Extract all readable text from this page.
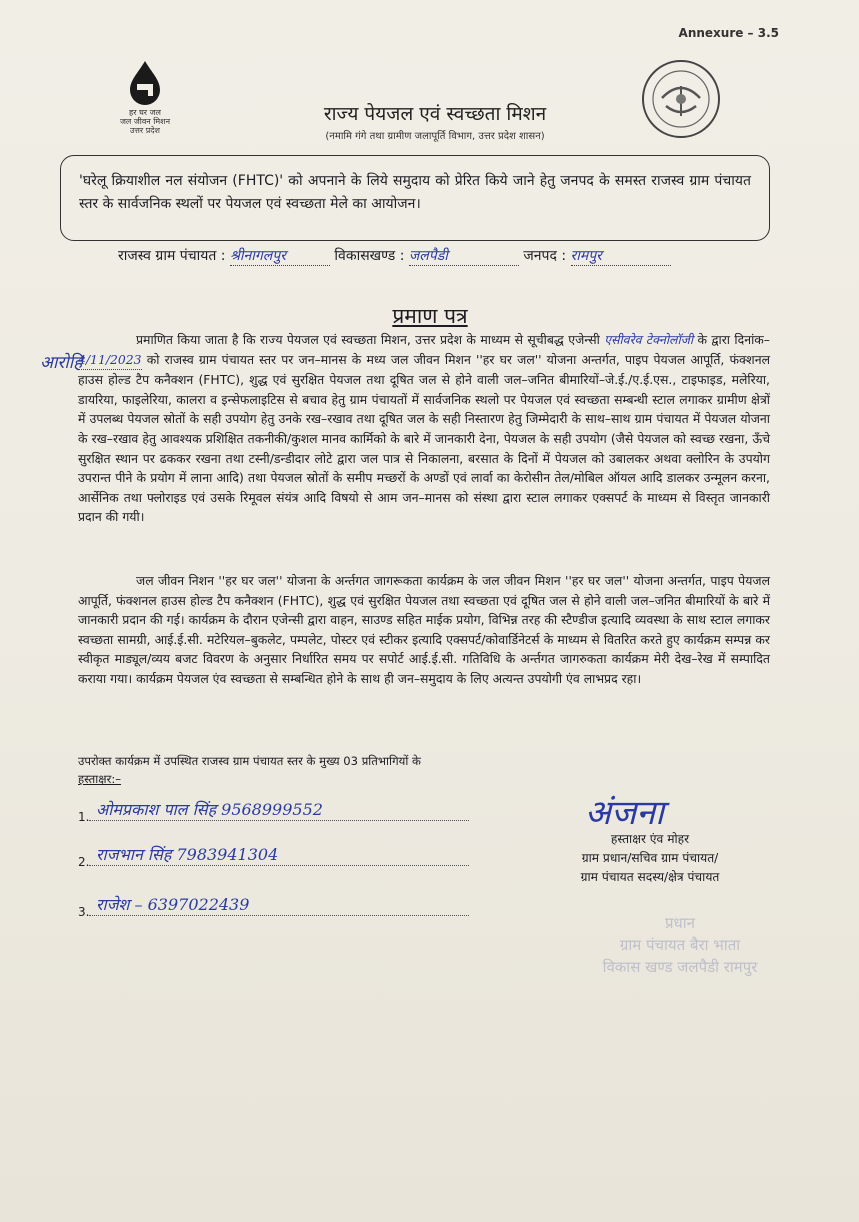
Annexure – 3.5
हर घर जल
जल जीवन मिशन
उत्तर प्रदेश
राज्य पेयजल एवं स्वच्छता मिशन
(नमामि गंगे तथा ग्रामीण जलापूर्ति विभाग, उत्तर प्रदेश शासन)
'घरेलू क्रियाशील नल संयोजन (FHTC)' को अपनाने के लिये समुदाय को प्रेरित किये जाने हेतु जनपद के समस्त राजस्व ग्राम पंचायत स्तर के सार्वजनिक स्थलों पर पेयजल एवं स्वच्छता मेले का आयोजन।
राजस्व ग्राम पंचायत : श्रीनागलपुर	विकासखण्ड : जलपैडी	जनपद : रामपुर
प्रमाण पत्र
आरोहि
प्रमाणित किया जाता है कि राज्य पेयजल एवं स्वच्छता मिशन, उत्तर प्रदेश के माध्यम से सूचीबद्ध एजेन्सी एसीवरेव टेक्नोलॉजी के द्वारा दिनांक–4/11/2023 को राजस्व ग्राम पंचायत स्तर पर जन–मानस के मध्य जल जीवन मिशन ''हर घर जल'' योजना अन्तर्गत, पाइप पेयजल आपूर्ति, फंक्शनल हाउस होल्ड टैप कनैक्शन (FHTC), शुद्ध एवं सुरक्षित पेयजल तथा दूषित जल से होने वाली जल–जनित बीमारियों–जे.ई./ए.ई.एस., टाइफाइड, मलेरिया, डायरिया, फाइलेरिया, कालरा व इन्सेफलाइटिस से बचाव हेतु ग्राम पंचायतों में सार्वजनिक स्थलो पर पेयजल एवं स्वच्छता सम्बन्धी स्टाल लगाकर ग्रामीण क्षेत्रों में उपलब्ध पेयजल स्रोतों के सही उपयोग हेतु उनके रख–रखाव तथा दूषित जल के सही निस्तारण हेतु जिम्मेदारी के साथ–साथ ग्राम पंचायत में पेयजल योजना के रख–रखाव हेतु आवश्यक प्रशिक्षित तकनीकी/कुशल मानव कार्मिको के बारे में जानकारी देना, पेयजल के सही उपयोग (जैसे पेयजल को स्वच्छ रखना, ऊँचे सुरक्षित स्थान पर ढककर रखना तथा टस्नी/डन्डीदार लोटे द्वारा जल पात्र से निकालना, बरसात के दिनों में पेयजल को उबालकर अथवा क्लोरिन के उपयोग उपरान्त पीने के प्रयोग में लाना आदि) तथा पेयजल स्रोतों के समीप मच्छरों के अण्डों एवं लार्वा का केरोसीन तेल/मोबिल ऑयल आदि डालकर उन्मूलन करना, आर्सेनिक तथा फ्लोराइड एवं उसके रिमूवल संयंत्र आदि विषयो से आम जन–मानस को संस्था द्वारा स्टाल लगाकर एक्सपर्ट के माध्यम से विस्तृत जानकारी प्रदान की गयी।
जल जीवन निशन ''हर घर जल'' योजना के अर्न्तगत जागरूकता कार्यक्रम के जल जीवन मिशन ''हर घर जल'' योजना अन्तर्गत, पाइप पेयजल आपूर्ति, फंक्शनल हाउस होल्ड टैप कनैक्शन (FHTC), शुद्ध एवं सुरक्षित पेयजल तथा स्वच्छता एवं दूषित जल से होने वाली जल–जनित बीमारियों के बारे में जानकारी प्रदान की गई। कार्यक्रम के दौरान एजेन्सी द्वारा वाहन, साउण्ड सहित माईक प्रयोग, विभिन्न तरह की स्टैण्डीज इत्यादि व्यवस्था के साथ स्टाल लगाकर स्वच्छता सामग्री, आई.ई.सी. मटेरियल–बुकलेट, पम्पलेट, पोस्टर एवं स्टीकर इत्यादि एक्सपर्ट/कोवार्डिनेटर्स के माध्यम से वितरित करते हुए कार्यक्रम सम्पन्न कर स्वीकृत माड्यूल/व्यय बजट विवरण के अनुसार निर्धारित समय पर सपोर्ट आई.ई.सी. गतिविधि के अर्न्तगत जागरुकता कार्यक्रम मेरी देख–रेख में सम्पादित कराया गया। कार्यक्रम पेयजल एंव स्वच्छता से सम्बन्धित होने के साथ ही जन–समुदाय के लिए अत्यन्त उपयोगी एंव लाभप्रद रहा।
उपरोक्त कार्यक्रम में उपस्थित राजस्व ग्राम पंचायत स्तर के मुख्य 03 प्रतिभागियों के
हस्ताक्षर:–
1. ओमप्रकाश पाल सिंह 9568999552
2. राजभान सिंह 7983941304
3. राजेश – 6397022439
अंजना
हस्ताक्षर एंव मोहर
ग्राम प्रधान/सचिव ग्राम पंचायत/
ग्राम पंचायत सदस्य/क्षेत्र पंचायत
प्रधान
ग्राम पंचायत बैरा भाता
विकास खण्ड जलपैडी रामपुर
